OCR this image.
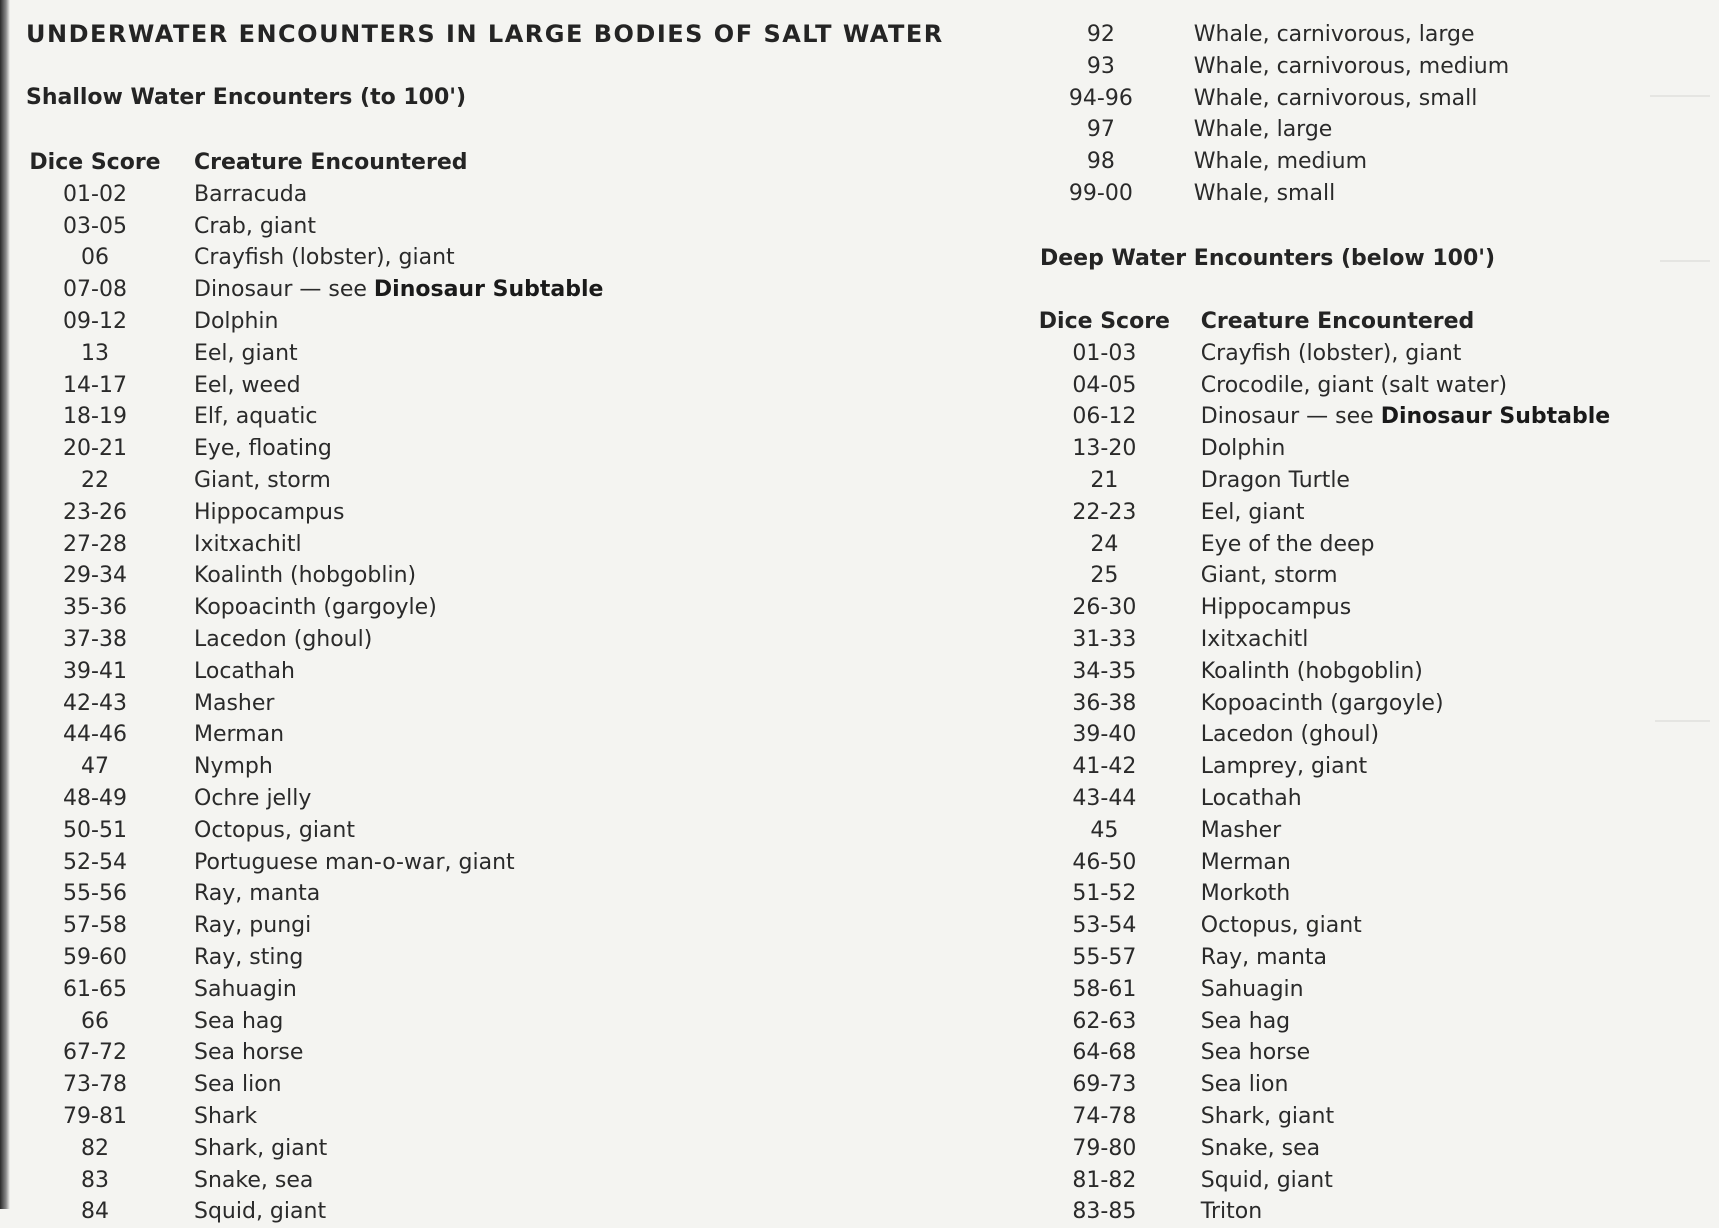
UNDERWATER ENCOUNTERS IN LARGE BODIES OF SALT WATER
Shallow Water Encounters (to 100')
Dice Score	Creature Encountered
01-02	Barracuda
03-05	Crab, giant
06	Crayfish (lobster), giant
07-08	Dinosaur — see Dinosaur Subtable
09-12	Dolphin
13	Eel, giant
14-17	Eel, weed
18-19	Elf, aquatic
20-21	Eye, floating
22	Giant, storm
23-26	Hippocampus
27-28	Ixitxachitl
29-34	Koalinth (hobgoblin)
35-36	Kopoacinth (gargoyle)
37-38	Lacedon (ghoul)
39-41	Locathah
42-43	Masher
44-46	Merman
47	Nymph
48-49	Ochre jelly
50-51	Octopus, giant
52-54	Portuguese man-o-war, giant
55-56	Ray, manta
57-58	Ray, pungi
59-60	Ray, sting
61-65	Sahuagin
66	Sea hag
67-72	Sea horse
73-78	Sea lion
79-81	Shark
82	Shark, giant
83	Snake, sea
84	Squid, giant
92	Whale, carnivorous, large
93	Whale, carnivorous, medium
94-96	Whale, carnivorous, small
97	Whale, large
98	Whale, medium
99-00	Whale, small
Deep Water Encounters (below 100')
Dice Score	Creature Encountered
01-03	Crayfish (lobster), giant
04-05	Crocodile, giant (salt water)
06-12	Dinosaur — see Dinosaur Subtable
13-20	Dolphin
21	Dragon Turtle
22-23	Eel, giant
24	Eye of the deep
25	Giant, storm
26-30	Hippocampus
31-33	Ixitxachitl
34-35	Koalinth (hobgoblin)
36-38	Kopoacinth (gargoyle)
39-40	Lacedon (ghoul)
41-42	Lamprey, giant
43-44	Locathah
45	Masher
46-50	Merman
51-52	Morkoth
53-54	Octopus, giant
55-57	Ray, manta
58-61	Sahuagin
62-63	Sea hag
64-68	Sea horse
69-73	Sea lion
74-78	Shark, giant
79-80	Snake, sea
81-82	Squid, giant
83-85	Triton
